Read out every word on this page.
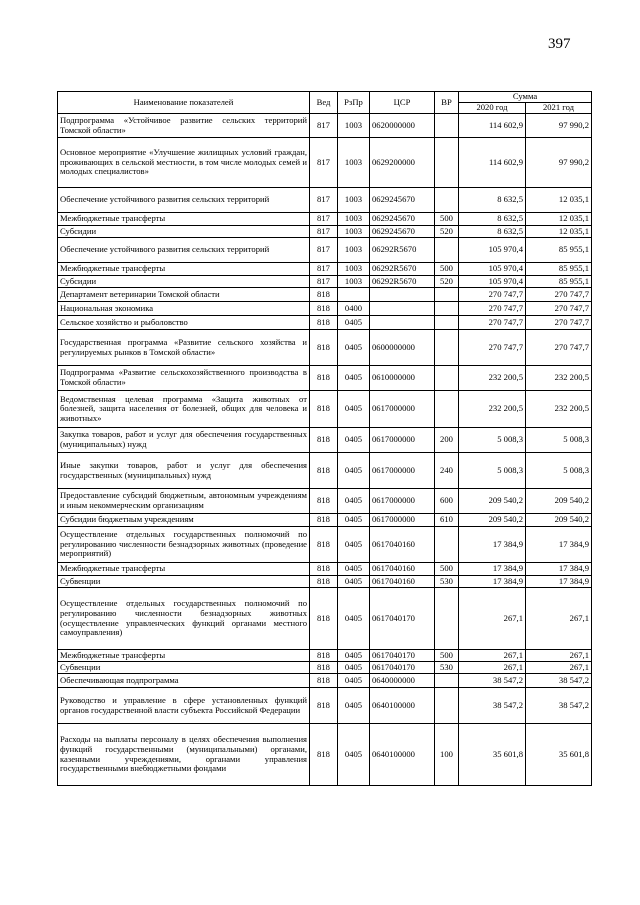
397
Наименование показателей	Вед	РзПр	ЦСР	ВР	Сумма	
					2020 год	2021 год
Подпрограмма «Устойчивое развитие сельских территорий Томской области»	817	1003	0620000000		114 602,9	97 990,2
Основное мероприятие «Улучшение жилищных условий граждан, проживающих в сельской местности, в том числе молодых семей и молодых специалистов»	817	1003	0629200000		114 602,9	97 990,2
Обеспечение устойчивого развития сельских территорий	817	1003	0629245670		8 632,5	12 035,1
Межбюджетные трансферты	817	1003	0629245670	500	8 632,5	12 035,1
Субсидии	817	1003	0629245670	520	8 632,5	12 035,1
Обеспечение устойчивого развития сельских территорий	817	1003	06292R5670		105 970,4	85 955,1
Межбюджетные трансферты	817	1003	06292R5670	500	105 970,4	85 955,1
Субсидии	817	1003	06292R5670	520	105 970,4	85 955,1
Департамент ветеринарии Томской области	818				270 747,7	270 747,7
Национальная экономика	818	0400			270 747,7	270 747,7
Сельское хозяйство и рыболовство	818	0405			270 747,7	270 747,7
Государственная программа «Развитие сельского хозяйства и регулируемых рынков в Томской области»	818	0405	0600000000		270 747,7	270 747,7
Подпрограмма «Развитие сельскохозяйственного производства в Томской области»	818	0405	0610000000		232 200,5	232 200,5
Ведомственная целевая программа «Защита животных от болезней, защита населения от болезней, общих для человека и животных»	818	0405	0617000000		232 200,5	232 200,5
Закупка товаров, работ и услуг для обеспечения государственных (муниципальных) нужд	818	0405	0617000000	200	5 008,3	5 008,3
Иные закупки товаров, работ и услуг для обеспечения государственных (муниципальных) нужд	818	0405	0617000000	240	5 008,3	5 008,3
Предоставление субсидий бюджетным, автономным учреждениям и иным некоммерческим организациям	818	0405	0617000000	600	209 540,2	209 540,2
Субсидии бюджетным учреждениям	818	0405	0617000000	610	209 540,2	209 540,2
Осуществление отдельных государственных полномочий по регулированию численности безнадзорных животных (проведение мероприятий)	818	0405	0617040160		17 384,9	17 384,9
Межбюджетные трансферты	818	0405	0617040160	500	17 384,9	17 384,9
Субвенции	818	0405	0617040160	530	17 384,9	17 384,9
Осуществление отдельных государственных полномочий по регулированию численности безнадзорных животных (осуществление управленческих функций органами местного самоуправления)	818	0405	0617040170		267,1	267,1
Межбюджетные трансферты	818	0405	0617040170	500	267,1	267,1
Субвенции	818	0405	0617040170	530	267,1	267,1
Обеспечивающая подпрограмма	818	0405	0640000000		38 547,2	38 547,2
Руководство и управление в сфере установленных функций органов государственной власти субъекта Российской Федерации	818	0405	0640100000		38 547,2	38 547,2
Расходы на выплаты персоналу в целях обеспечения выполнения функций государственными (муниципальными) органами, казенными учреждениями, органами управления государственными внебюджетными фондами	818	0405	0640100000	100	35 601,8	35 601,8
